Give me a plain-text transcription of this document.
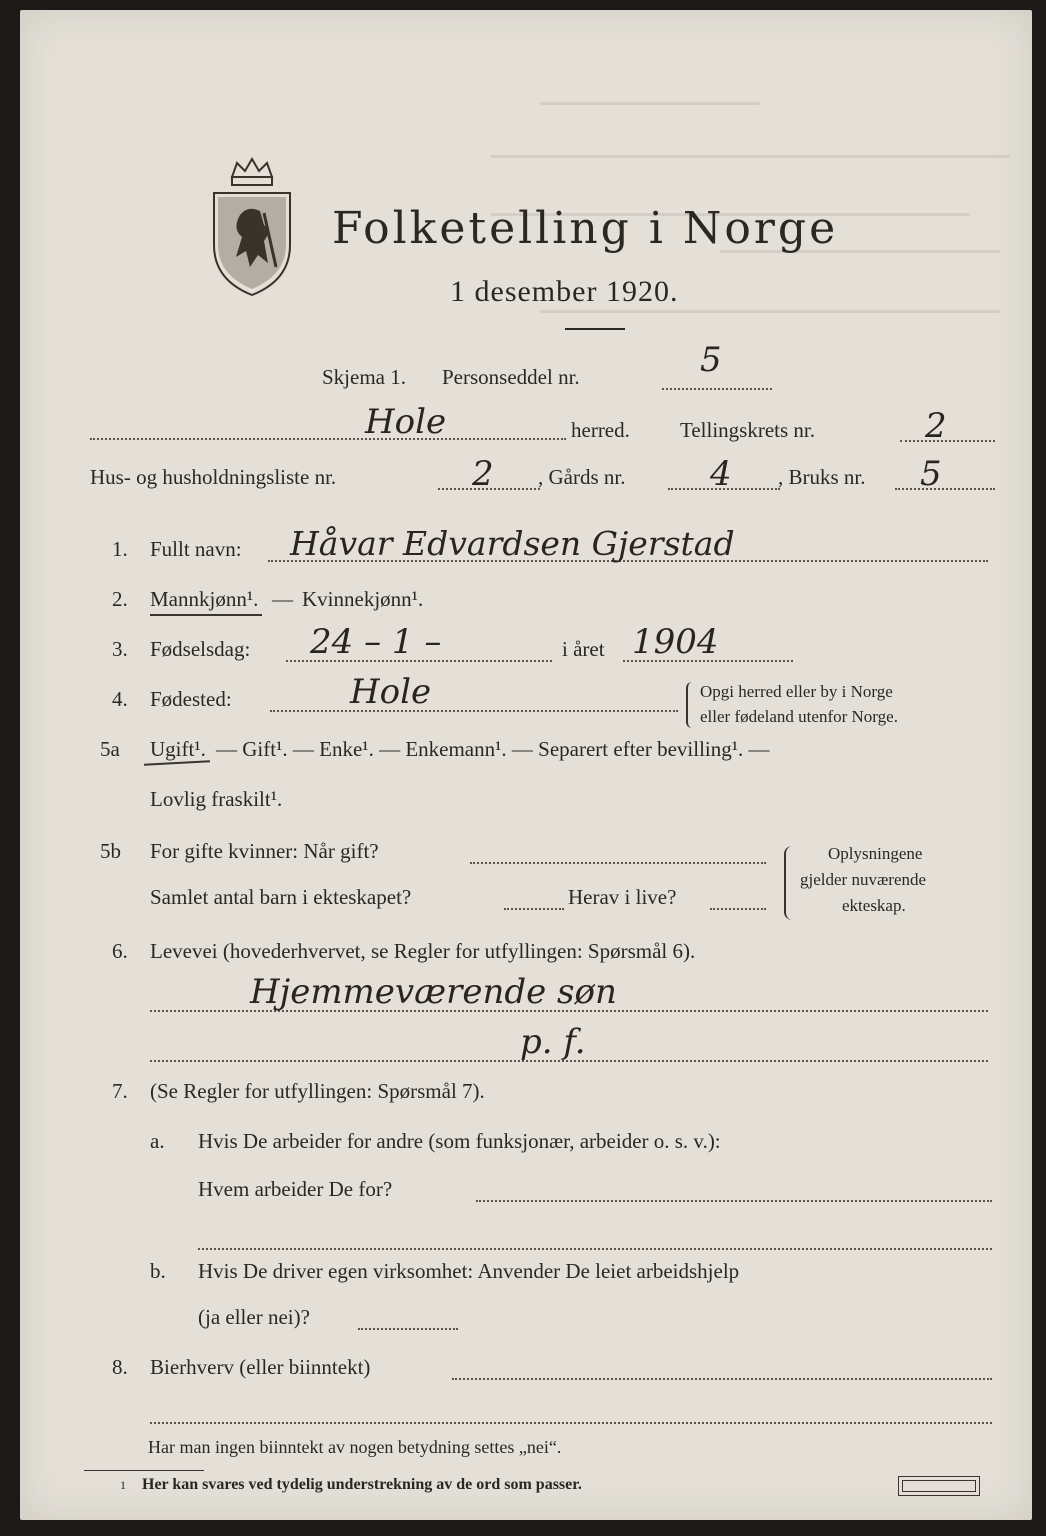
Folketelling i Norge
1 desember 1920.
Skjema 1. Personseddel nr.	5
Hole	herred. Tellingskrets nr.	2
Hus- og husholdningsliste nr.	2 , Gårds nr. 4 , Bruks nr. 5
1. Fullt navn: Håvar Edvardsen Gjerstad
2. Mannkjønn¹. — Kvinnekjønn¹.
3. Fødselsdag: 24 – 1 –	i året 1904
4. Fødested:	Hole	Opgi herred eller by i Norge
eller fødeland utenfor Norge.
5a Ugift¹. — Gift¹. — Enke¹. — Enkemann¹. — Separert efter bevilling¹. —
Lovlig fraskilt¹.
5b For gifte kvinner: Når gift?
Samlet antal barn i ekteskapet?	Herav i live?
Oplysningene
gjelder nuværende
ekteskap.
6. Levevei (hovederhvervet, se Regler for utfyllingen: Spørsmål 6).
Hjemmeværende søn
p. f.
7. (Se Regler for utfyllingen: Spørsmål 7).
a. Hvis De arbeider for andre (som funksjonær, arbeider o. s. v.):
Hvem arbeider De for?
b. Hvis De driver egen virksomhet: Anvender De leiet arbeidshjelp
(ja eller nei)?
8. Bierhverv (eller biinntekt)
Har man ingen biinntekt av nogen betydning settes „nei“.
1 Her kan svares ved tydelig understrekning av de ord som passer.
